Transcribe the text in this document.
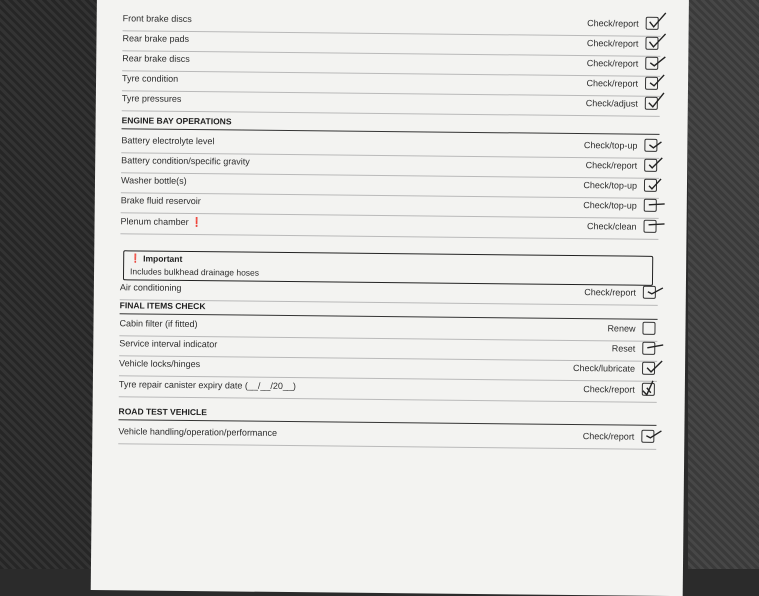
ENGINE BAY OPERATIONS
FINAL ITEMS CHECK
ROAD TEST VEHICLE
❗ Important
Includes bulkhead drainage hoses
Front brake discs	Check/report
Rear brake pads	Check/report
Rear brake discs	Check/report
Tyre condition	Check/report
Tyre pressures	Check/adjust
Battery electrolyte level	Check/top-up
Battery condition/specific gravity	Check/report
Washer bottle(s)	Check/top-up
Brake fluid reservoir	Check/top-up
Plenum chamber ❗	Check/clean
Air conditioning	Check/report
Cabin filter (if fitted)	Renew
Service interval indicator	Reset
Vehicle locks/hinges	Check/lubricate
Tyre repair canister expiry date (__/__/20__)	Check/report
Vehicle handling/operation/performance	Check/report
